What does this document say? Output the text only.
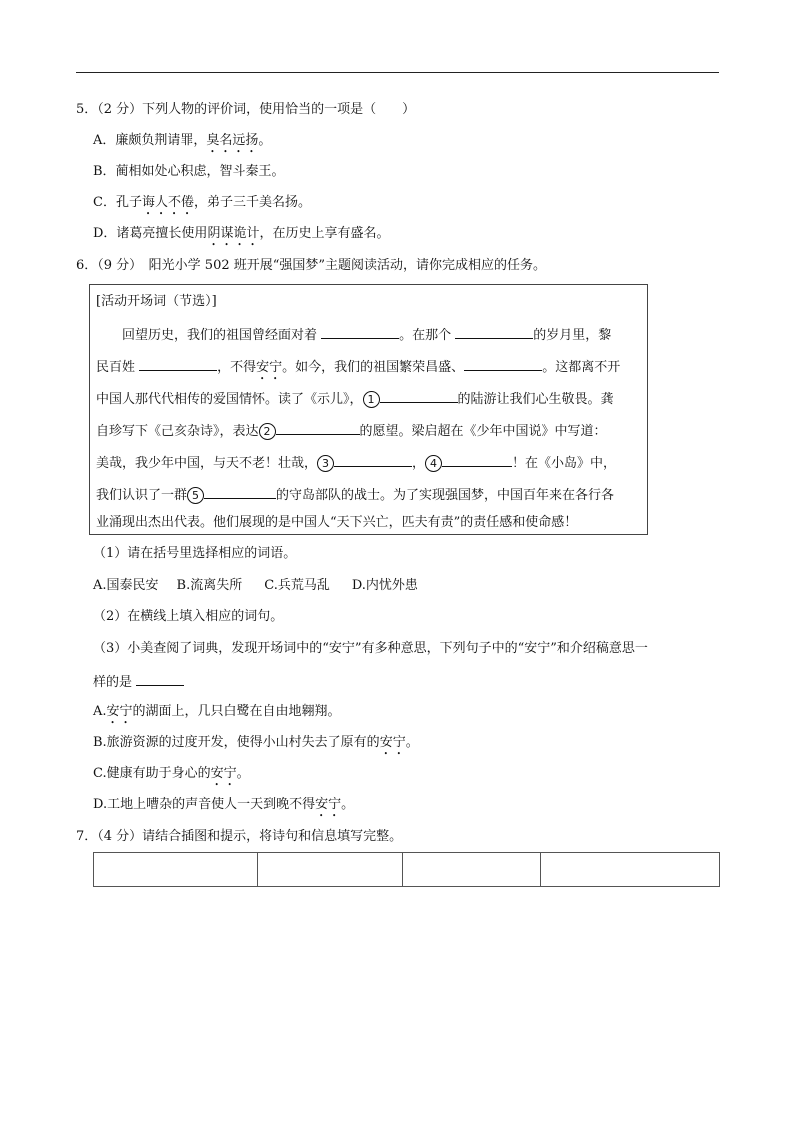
5．（2 分）下列人物的评价词，使用恰当的一项是（　　）
A．廉颇负荆请罪，臭名远扬。
B．蔺相如处心积虑，智斗秦王。
C．孔子诲人不倦，弟子三千美名扬。
D．诸葛亮擅长使用阴谋诡计，在历史上享有盛名。
6．（9 分）　阳光小学 502 班开展“强国梦”主题阅读活动，请你完成相应的任务。
[活动开场词（节选）]
回望历史，我们的祖国曾经面对着	。在那个	的岁月里，黎
民百姓	，不得安宁。如今，我们的祖国繁荣昌盛、	。这都离不开
中国人那代代相传的爱国情怀。读了《示儿》， 1	的陆游让我们心生敬畏。龚
自珍写下《己亥杂诗》，表达 2	的愿望。梁启超在《少年中国说》中写道：
美哉，我少年中国，与天不老！壮哉， 3	， 4	！在《小岛》中，
我们认识了一群 5	的守岛部队的战士。为了实现强国梦，中国百年来在各行各
业涌现出杰出代表。他们展现的是中国人“天下兴亡，匹夫有责”的责任感和使命感！
（1）请在括号里选择相应的词语。
A.国泰民安 B.流离失所 C.兵荒马乱 D.内忧外患
（2）在横线上填入相应的词句。
（3）小美查阅了词典，发现开场词中的“安宁”有多种意思，下列句子中的“安宁”和介绍稿意思一
样的是
A.安宁的湖面上，几只白鹭在自由地翱翔。
B.旅游资源的过度开发，使得小山村失去了原有的安宁。
C.健康有助于身心的安宁。
D.工地上嘈杂的声音使人一天到晚不得安宁。
7．（4 分）请结合插图和提示，将诗句和信息填写完整。
